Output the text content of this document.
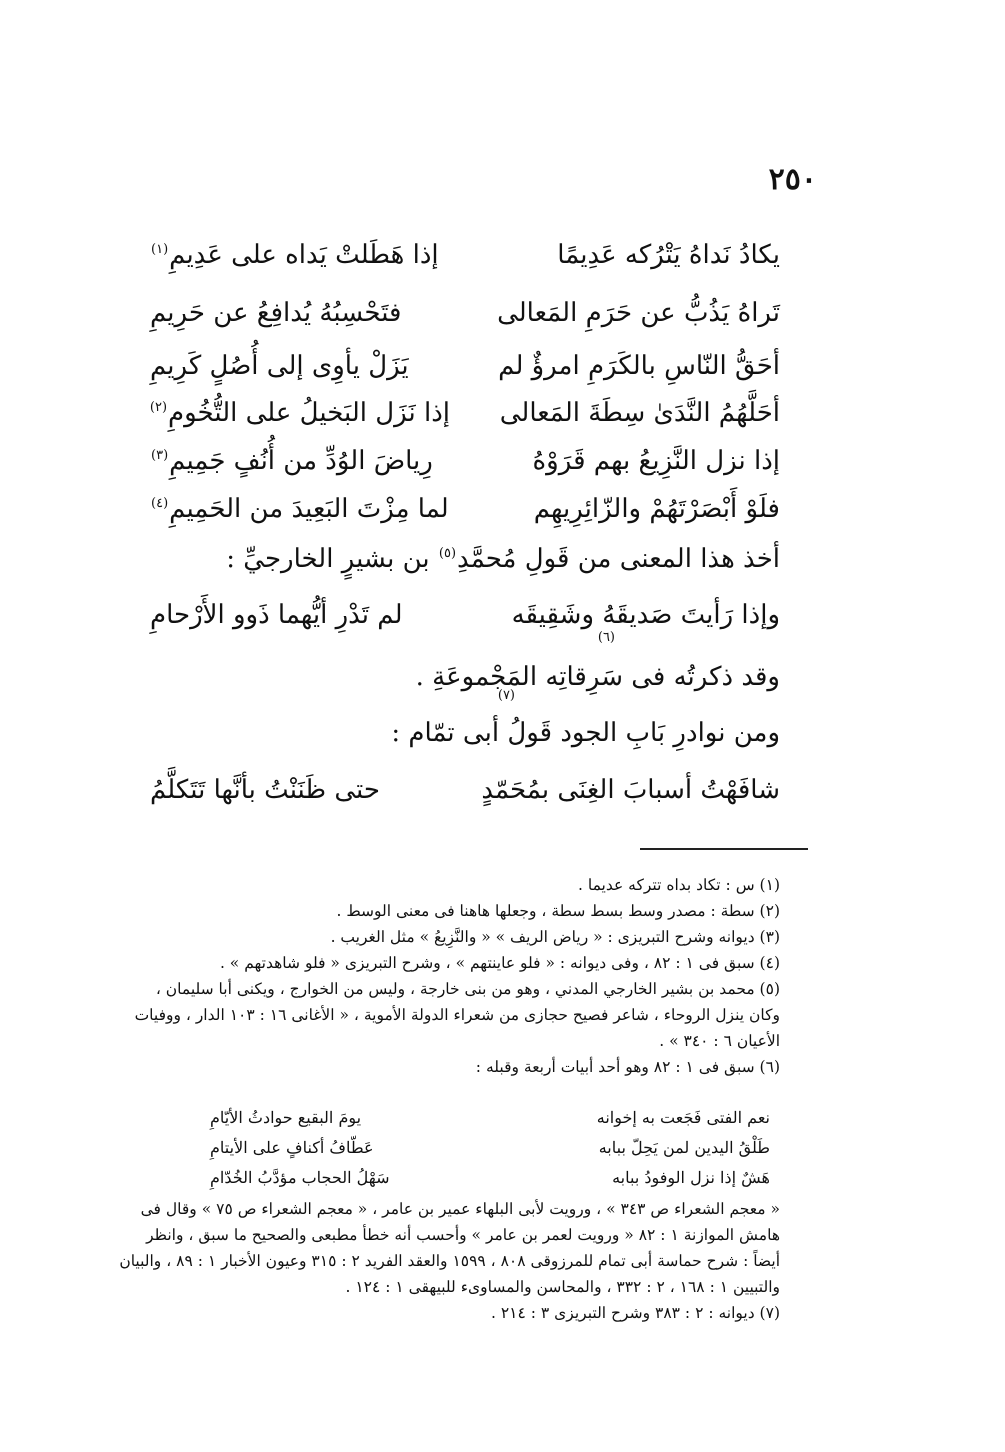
٢٥٠
يكادُ نَداهُ يَتْرُكه عَدِيمًا
إذا هَطَلتْ يَداه على عَدِيمِ$^{(١)}$
تَراهُ يَذُبُّ عن حَرَمِ المَعالى
فتَحْسِبُهُ يُدافِعُ عن حَرِيمِ
أحَقُّ النّاسِ بالكَرَمِ امرؤٌ لم
يَزَلْ يأوِى إلى أُصُلٍ كَرِيمِ
أحَلَّهُمُ النَّدَىٰ سِطَةَ المَعالى
إذا نَزَل البَخيلُ على التُّخُومِ$^{(٢)}$
إذا نزل النَّزِيعُ بهم قَرَوْهُ
رِياضَ الوُدِّ من أُنُفٍ جَمِيمِ$^{(٣)}$
فلَوْ أَبْصَرْتَهُمْ والزّائِرِيهِم
لما مِزْتَ البَعِيدَ من الحَمِيمِ$^{(٤)}$
أخذ هذا المعنى من قَولِ مُحمَّدِ$^{(٥)}$ بن بشيرٍ الخارجيِّ :
وإذا رَأيتَ صَديقَهُ وشَقِيقَه
لم تَدْرِ أيُّهما ذَوو الأَرْحامِ
وقد ذكرتُه فى سَرِقاتِه المَجْموعَةِ .
(٦)
ومن نوادرِ بَابِ الجود قَولُ أبى تمّام :
(٧)
شافَهْتُ أسبابَ الغِنَى بمُحَمّدٍ
حتى ظَنَنْتُ بأنَّها تَتَكلَّمُ
(١) س : تكاد بداه تتركه عديما .
(٢) سطة : مصدر وسط بسط سطة ، وجعلها هاهنا فى معنى الوسط .
(٣) ديوانه وشرح التبريزى : « رياض الريف » « والنَّزِيعُ » مثل الغريب .
(٤) سبق فى ١ : ٨٢ ، وفى ديوانه : « فلو عاينتهم » ، وشرح التبريزى « فلو شاهدتهم » .
(٥) محمد بن بشير الخارجي المدني ، وهو من بنى خارجة ، وليس من الخوارج ، ويكنى أبا سليمان ،
وكان ينزل الروحاء ، شاعر فصيح حجازى من شعراء الدولة الأموية ، « الأغانى ١٦ : ١٠٣ الدار ، ووفيات
الأعيان ٦ : ٣٤٠ » .
(٦) سبق فى ١ : ٨٢ وهو أحد أبيات أربعة وقبله :
نعم الفتى فَجَعت به إخوانه
يومَ البقيع حوادثُ الأيّامِ
طَلْقُ اليدين لمن يَحِلّ ببابه
عَطّافُ أكنافٍ على الأيتامِ
هَشٌ إذا نزل الوفودُ ببابه
سَهْلُ الحجاب مؤدَّبُ الخُدّامِ
« معجم الشعراء ص ٣٤٣ » ، ورويت لأبى البلهاء عمير بن عامر ، « معجم الشعراء ص ٧٥ » وقال فى
هامش الموازنة ١ : ٨٢ « ورويت لعمر بن عامر » وأحسب أنه خطأ مطبعى والصحيح ما سبق ، وانظر
أيضاً : شرح حماسة أبى تمام للمرزوقى ٨٠٨ ، ١٥٩٩ والعقد الفريد ٢ : ٣١٥ وعيون الأخبار ١ : ٨٩ ، والبيان
والتبيين ١ : ١٦٨ ، ٢ : ٣٣٢ ، والمحاسن والمساوىء للبيهقى ١ : ١٢٤ .
(٧) ديوانه : ٢ : ٣٨٣ وشرح التبريزى ٣ : ٢١٤ .
